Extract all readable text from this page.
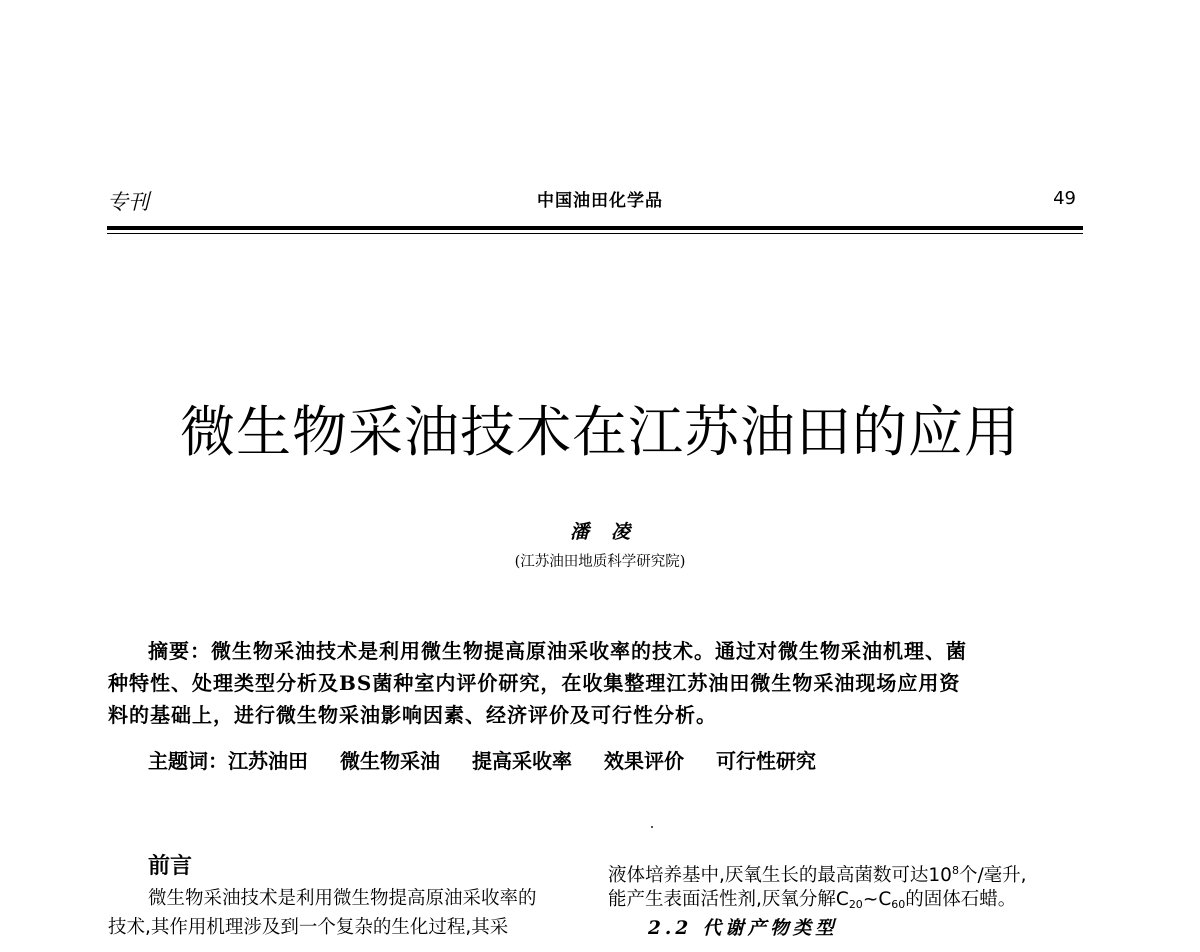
专刊	中国油田化学品	49
微生物采油技术在江苏油田的应用
潘凌
(江苏油田地质科学研究院)
摘要：微生物采油技术是利用微生物提高原油采收率的技术。通过对微生物采油机理、菌
种特性、处理类型分析及BS菌种室内评价研究，在收集整理江苏油田微生物采油现场应用资
料的基础上，进行微生物采油影响因素、经济评价及可行性分析。
主题词：江苏油田 微生物采油 提高采收率 效果评价 可行性研究
前言
微生物采油技术是利用微生物提高原油采收率的
技术,其作用机理涉及到一个复杂的生化过程,其采
液体培养基中,厌氧生长的最高菌数可达$10^8$个/毫升,
能产生表面活性剂,厌氧分解$C_{20}\sim C_{60}$的固体石蜡。
2.2 代谢产物类型
